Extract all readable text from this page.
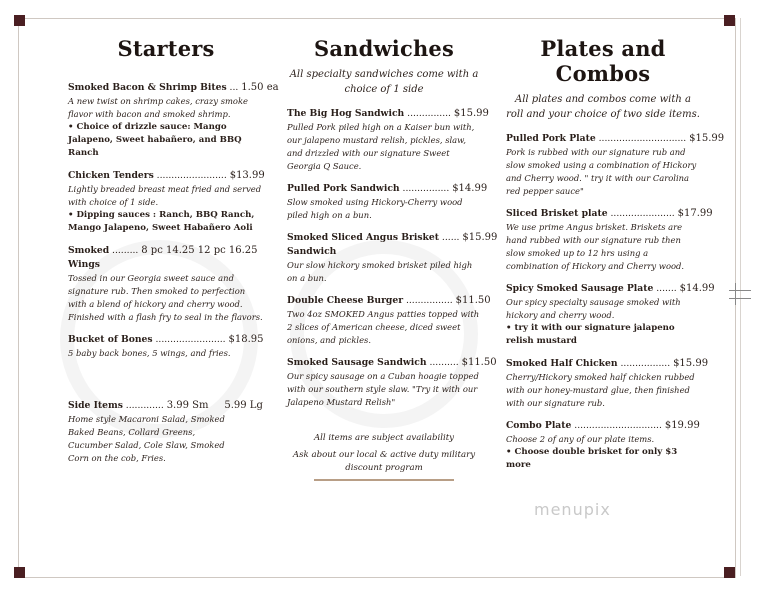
Starters
Smoked Bacon & Shrimp Bites ... 1.50 ea
A new twist on shrimp cakes, crazy smoke flavor with bacon and smoked shrimp.
• Choice of drizzle sauce: Mango Jalapeno, Sweet habañero, and BBQ Ranch
Chicken Tenders ........................ $13.99
Lightly breaded breast meat fried and served with choice of 1 side.
• Dipping sauces : Ranch, BBQ Ranch, Mango Jalapeno, Sweet Habañero Aoli
Smoked ......... 8 pc 14.25 12 pc 16.25
Wings
Tossed in our Georgia sweet sauce and signature rub. Then smoked to perfection with a blend of hickory and cherry wood. Finished with a flash fry to seal in the flavors.
Bucket of Bones ........................ $18.95
5 baby back bones, 5 wings, and fries.
Side Items ............. 3.99 Sm     5.99 Lg
Home style Macaroni Salad, Smoked Baked Beans, Collard Greens, Cucumber Salad, Cole Slaw, Smoked Corn on the cob, Fries.
Sandwiches
All specialty sandwiches come with a choice of 1 side
The Big Hog Sandwich ............... $15.99
Pulled Pork piled high on a Kaiser bun with, our jalapeno mustard relish, pickles, slaw, and drizzled with our signature Sweet Georgia Q Sauce.
Pulled Pork Sandwich ................ $14.99
Slow smoked using Hickory-Cherry wood piled high on a bun.
Smoked Sliced Angus Brisket ...... $15.99
Sandwich
Our slow hickory smoked brisket piled high on a bun.
Double Cheese Burger ................ $11.50
Two 4oz SMOKED Angus patties topped with 2 slices of American cheese, diced sweet onions, and pickles.
Smoked Sausage Sandwich .......... $11.50
Our spicy sausage on a Cuban hoagie topped with our southern style slaw. "Try it with our Jalapeno Mustard Relish"
All items are subject availability
Ask about our local & active duty military discount program
Plates and Combos
All plates and combos come with a roll and your choice of two side items.
Pulled Pork Plate .............................. $15.99
Pork is rubbed with our signature rub and slow smoked using a combination of Hickory and Cherry wood. " try it with our Carolina red pepper sauce"
Sliced Brisket plate ...................... $17.99
We use prime Angus brisket. Briskets are hand rubbed with our signature rub then slow smoked up to 12 hrs using a combination of Hickory and Cherry wood.
Spicy Smoked Sausage Plate ....... $14.99
Our spicy specialty sausage smoked with hickory and cherry wood.
• try it with our signature jalapeno relish mustard
Smoked Half Chicken ................. $15.99
Cherry/Hickory smoked half chicken rubbed with our honey-mustard glue, then finished with our signature rub.
Combo Plate .............................. $19.99
Choose 2 of any of our plate items.
• Choose double brisket for only $3 more
menupix
